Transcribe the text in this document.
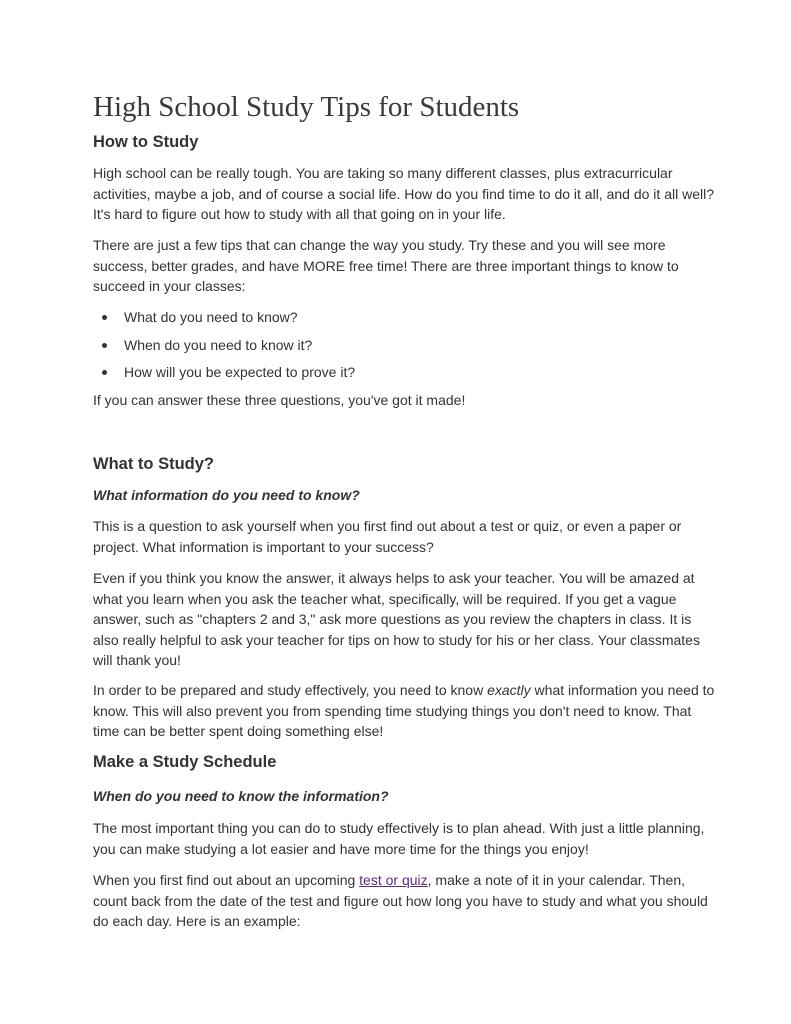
High School Study Tips for Students
How to Study
High school can be really tough. You are taking so many different classes, plus extracurricular
activities, maybe a job, and of course a social life. How do you find time to do it all, and do it all well?
It's hard to figure out how to study with all that going on in your life.
There are just a few tips that can change the way you study. Try these and you will see more
success, better grades, and have MORE free time! There are three important things to know to
succeed in your classes:
What do you need to know?
When do you need to know it?
How will you be expected to prove it?
If you can answer these three questions, you've got it made!
What to Study?
What information do you need to know?
This is a question to ask yourself when you first find out about a test or quiz, or even a paper or
project. What information is important to your success?
Even if you think you know the answer, it always helps to ask your teacher. You will be amazed at
what you learn when you ask the teacher what, specifically, will be required. If you get a vague
answer, such as "chapters 2 and 3," ask more questions as you review the chapters in class. It is
also really helpful to ask your teacher for tips on how to study for his or her class. Your classmates
will thank you!
In order to be prepared and study effectively, you need to know exactly what information you need to
know. This will also prevent you from spending time studying things you don't need to know. That
time can be better spent doing something else!
Make a Study Schedule
When do you need to know the information?
The most important thing you can do to study effectively is to plan ahead. With just a little planning,
you can make studying a lot easier and have more time for the things you enjoy!
When you first find out about an upcoming test or quiz, make a note of it in your calendar. Then,
count back from the date of the test and figure out how long you have to study and what you should
do each day. Here is an example:
